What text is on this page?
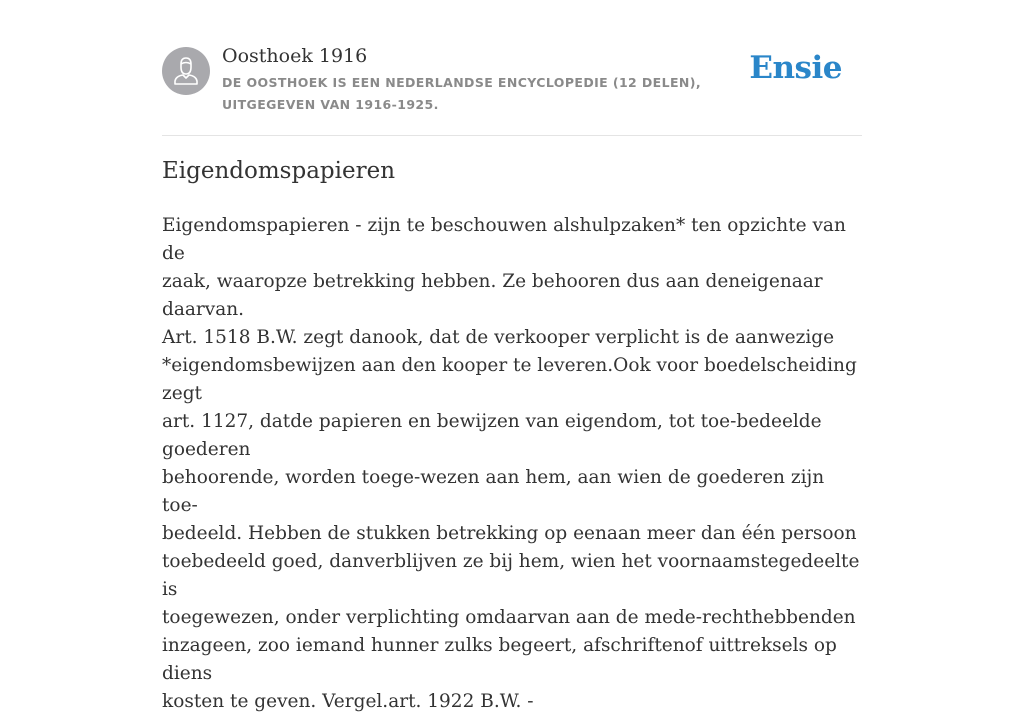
Oosthoek 1916
DE OOSTHOEK IS EEN NEDERLANDSE ENCYCLOPEDIE (12 DELEN), UITGEGEVEN VAN 1916-1925.
Ensie
Eigendomspapieren

Eigendomspapieren - zijn te beschouwen alshulpzaken* ten opzichte van de
zaak, waaropze betrekking hebben. Ze behooren dus aan deneigenaar daarvan.
Art. 1518 B.W. zegt danook, dat de verkooper verplicht is de aanwezige
*eigendomsbewijzen aan den kooper te leveren.Ook voor boedelscheiding zegt
art. 1127, datde papieren en bewijzen van eigendom, tot toe-bedeelde goederen
behoorende, worden toege-wezen aan hem, aan wien de goederen zijn toe-
bedeeld. Hebben de stukken betrekking op eenaan meer dan één persoon
toebedeeld goed, danverblijven ze bij hem, wien het voornaamstegedeelte is
toegewezen, onder verplichting omdaarvan aan de mede-rechthebbenden
inzageen, zoo iemand hunner zulks begeert, afschriftenof uittreksels op diens
kosten te geven. Vergel.art. 1922 B.W. -
